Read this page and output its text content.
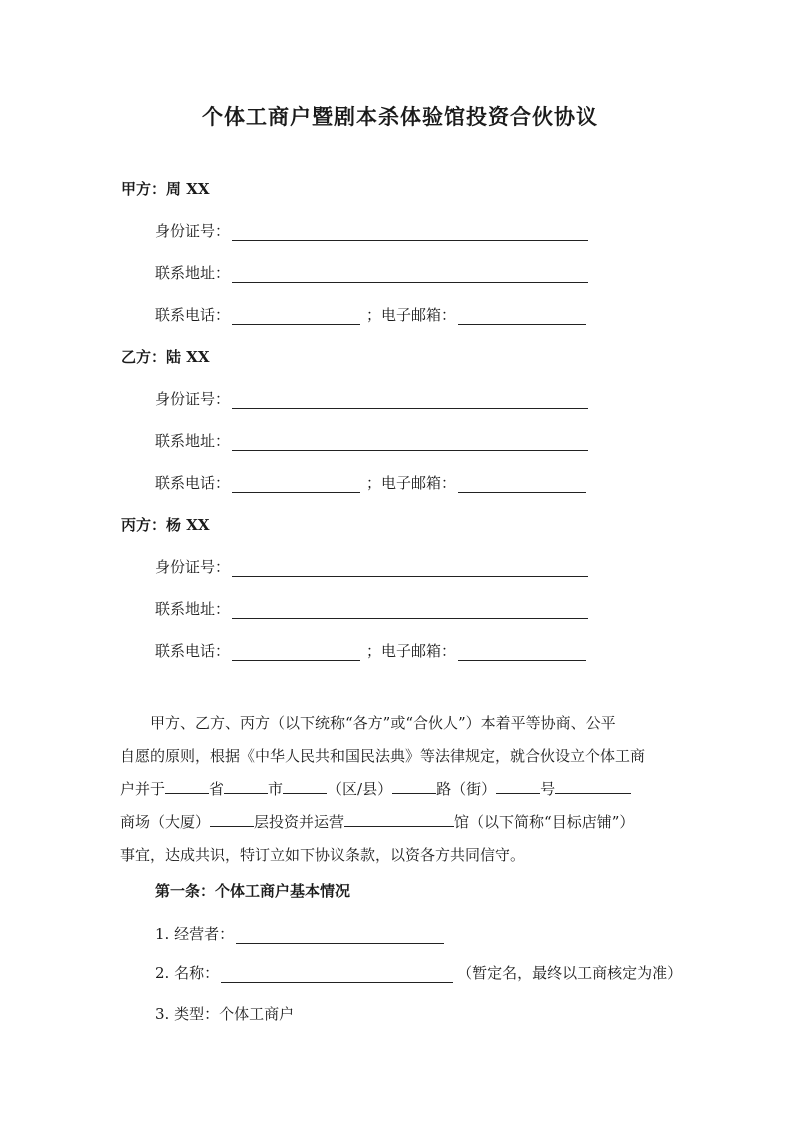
个体工商户暨剧本杀体验馆投资合伙协议
甲方：周 XX
身份证号：
联系地址：
联系电话：	； 电子邮箱：
乙方：陆 XX
身份证号：
联系地址：
联系电话：	； 电子邮箱：
丙方：杨 XX
身份证号：
联系地址：
联系电话：	； 电子邮箱：
甲方、乙方、丙方（以下统称“各方”或“合伙人”）本着平等协商、公平
自愿的原则，根据《中华人民共和国民法典》等法律规定，就合伙设立个体工商
户并于	省	市	（区/县）	路（街）	号
商场（大厦）	层投资并运营	馆（以下简称“目标店铺”）
事宜，达成共识，特订立如下协议条款，以资各方共同信守。
第一条：个体工商户基本情况
1. 经营者：
2. 名称：	（暂定名，最终以工商核定为准）
3. 类型：个体工商户
